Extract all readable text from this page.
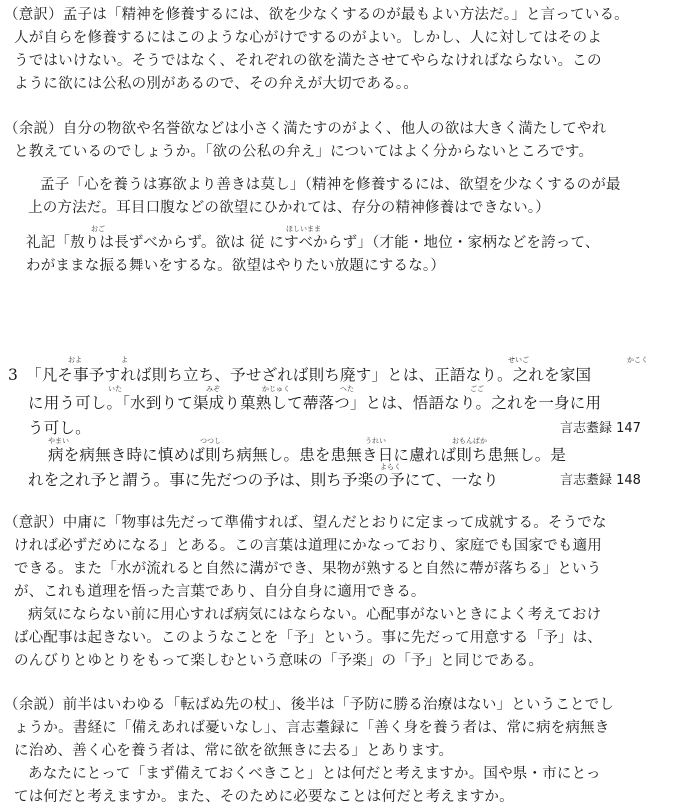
（意訳）孟子は「精神を修養するには、欲を少なくするのが最もよい方法だ。」と言っている。
人が自らを修養するにはこのような心がけでするのがよい。しかし、人に対してはそのよ
うではいけない。そうではなく、それぞれの欲を満たさせてやらなければならない。この
ように欲には公私の別があるので、その弁えが大切である。。
（余説）自分の物欲や名誉欲などは小さく満たすのがよく、他人の欲は大きく満たしてやれ
と教えているのでしょうか。「欲の公私の弁え」についてはよく分からないところです。
孟子「心を養うは寡欲より善きは莫し」（精神を修養するには、欲望を少なくするのが最
上の方法だ。耳目口腹などの欲望にひかれては、存分の精神修養はできない。）
おご	ほしいまま
礼記「敖りは長ずべからず。欲は 従 にすべからず」（才能・地位・家柄などを誇って、
わがままな振る舞いをするな。欲望はやりたい放題にするな。）
およ	よ	せいご	かこく
3　「凡そ事予すれば則ち立ち、予せざれば則ち廃す」とは、正語なり。之れを家国
いた	みぞ	かじゅく	へた	ごご
に用う可し。「水到りて渠成り菓熟して蔕落つ」とは、悟語なり。之れを一身に用
う可し。	言志耋録 147
やまい	つつし	うれい	おもんぱか
病を病無き時に慎めば則ち病無し。患を患無き日に慮れば則ち患無し。是
よらく
れを之れ予と謂う。事に先だつの予は、則ち予楽の予にて、一なり	言志耋録 148
（意訳）中庸に「物事は先だって準備すれば、望んだとおりに定まって成就する。そうでな
ければ必ずだめになる」とある。この言葉は道理にかなっており、家庭でも国家でも適用
できる。また「水が流れると自然に溝ができ、果物が熟すると自然に蔕が落ちる」という
が、これも道理を悟った言葉であり、自分自身に適用できる。
病気にならない前に用心すれば病気にはならない。心配事がないときによく考えておけ
ば心配事は起きない。このようなことを「予」という。事に先だって用意する「予」は、
のんびりとゆとりをもって楽しむという意味の「予楽」の「予」と同じである。
（余説）前半はいわゆる「転ばぬ先の杖」、後半は「予防に勝る治療はない」ということでし
ょうか。書経に「備えあれば憂いなし」、言志耋録に「善く身を養う者は、常に病を病無き
に治め、善く心を養う者は、常に欲を欲無きに去る」とあります。
あなたにとって「まず備えておくべきこと」とは何だと考えますか。国や県・市にとっ
ては何だと考えますか。また、そのために必要なことは何だと考えますか。
